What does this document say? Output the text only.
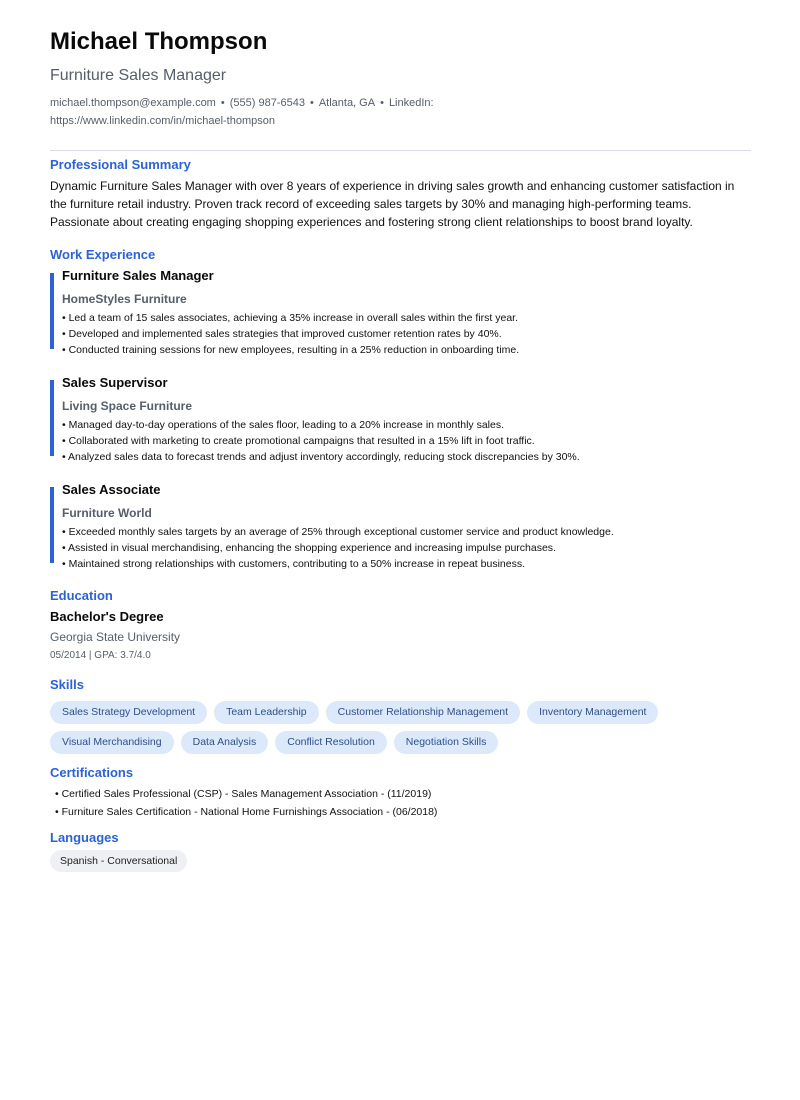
Michael Thompson
Furniture Sales Manager
michael.thompson@example.com • (555) 987-6543 • Atlanta, GA • LinkedIn: https://www.linkedin.com/in/michael-thompson
Professional Summary
Dynamic Furniture Sales Manager with over 8 years of experience in driving sales growth and enhancing customer satisfaction in the furniture retail industry. Proven track record of exceeding sales targets by 30% and managing high-performing teams. Passionate about creating engaging shopping experiences and fostering strong client relationships to boost brand loyalty.
Work Experience
Furniture Sales Manager
HomeStyles Furniture
• Led a team of 15 sales associates, achieving a 35% increase in overall sales within the first year.
• Developed and implemented sales strategies that improved customer retention rates by 40%.
• Conducted training sessions for new employees, resulting in a 25% reduction in onboarding time.
Sales Supervisor
Living Space Furniture
• Managed day-to-day operations of the sales floor, leading to a 20% increase in monthly sales.
• Collaborated with marketing to create promotional campaigns that resulted in a 15% lift in foot traffic.
• Analyzed sales data to forecast trends and adjust inventory accordingly, reducing stock discrepancies by 30%.
Sales Associate
Furniture World
• Exceeded monthly sales targets by an average of 25% through exceptional customer service and product knowledge.
• Assisted in visual merchandising, enhancing the shopping experience and increasing impulse purchases.
• Maintained strong relationships with customers, contributing to a 50% increase in repeat business.
Education
Bachelor's Degree
Georgia State University
05/2014 | GPA: 3.7/4.0
Skills
Sales Strategy Development	Team Leadership	Customer Relationship Management	Inventory Management
Visual Merchandising	Data Analysis	Conflict Resolution	Negotiation Skills
Certifications
• Certified Sales Professional (CSP) - Sales Management Association - (11/2019)
• Furniture Sales Certification - National Home Furnishings Association - (06/2018)
Languages
Spanish - Conversational
